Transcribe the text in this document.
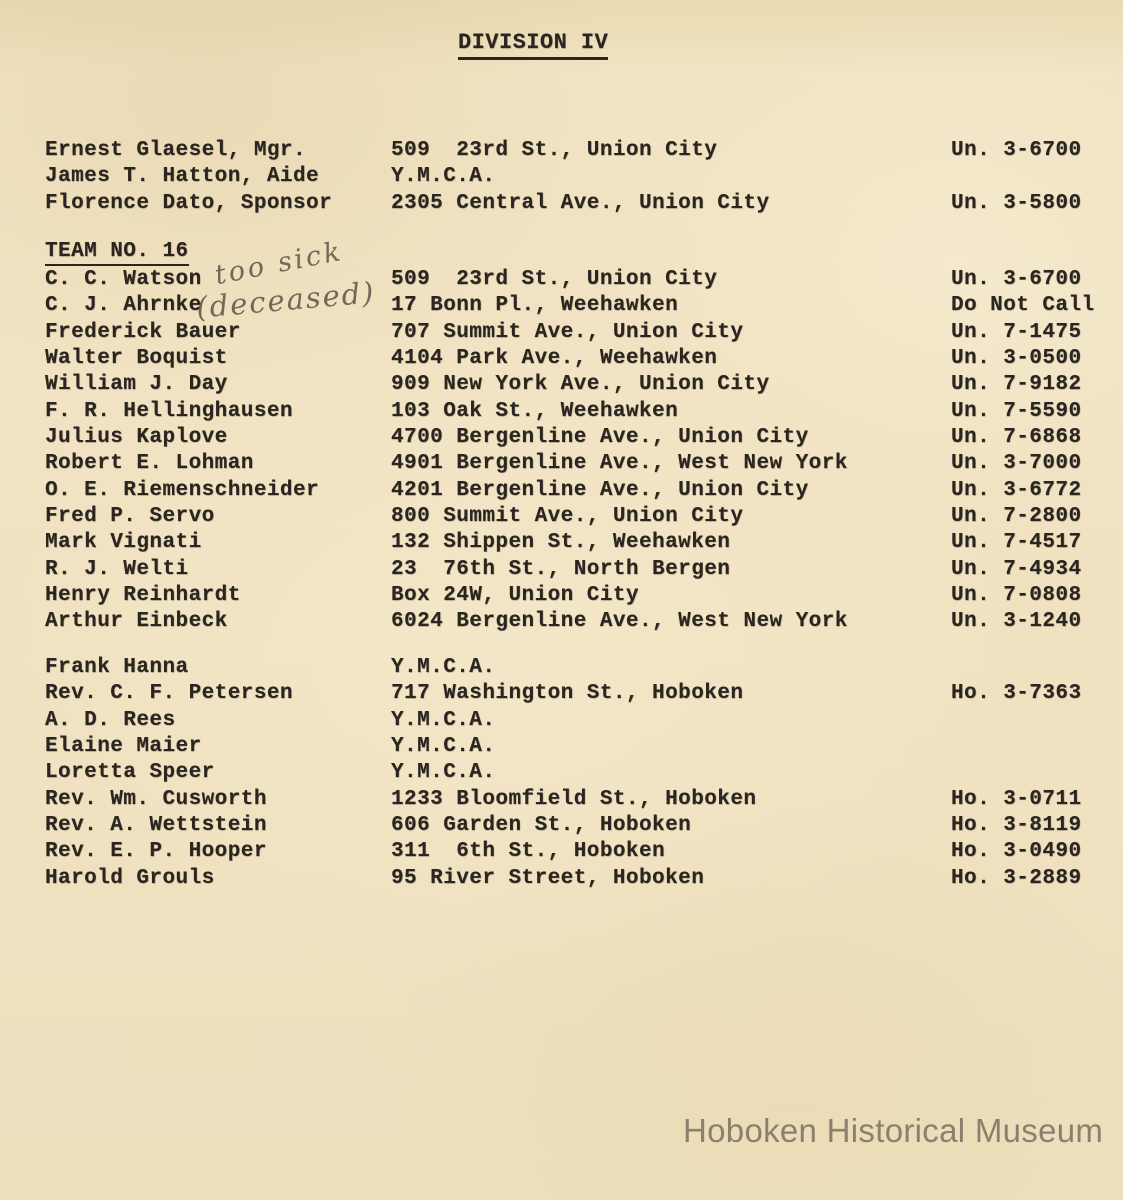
DIVISION IV
Ernest Glaesel, Mgr.	509  23rd St., Union City	Un. 3-6700
James T. Hatton, Aide	Y.M.C.A.
Florence Dato, Sponsor	2305 Central Ave., Union City	Un. 3-5800
TEAM NO. 16
C. C. Watson	509  23rd St., Union City	Un. 3-6700
C. J. Ahrnke	17 Bonn Pl., Weehawken	Do Not Call
Frederick Bauer	707 Summit Ave., Union City	Un. 7-1475
Walter Boquist	4104 Park Ave., Weehawken	Un. 3-0500
William J. Day	909 New York Ave., Union City	Un. 7-9182
F. R. Hellinghausen	103 Oak St., Weehawken	Un. 7-5590
Julius Kaplove	4700 Bergenline Ave., Union City	Un. 7-6868
Robert E. Lohman	4901 Bergenline Ave., West New York	Un. 3-7000
O. E. Riemenschneider	4201 Bergenline Ave., Union City	Un. 3-6772
Fred P. Servo	800 Summit Ave., Union City	Un. 7-2800
Mark Vignati	132 Shippen St., Weehawken	Un. 7-4517
R. J. Welti	23  76th St., North Bergen	Un. 7-4934
Henry Reinhardt	Box 24W, Union City	Un. 7-0808
Arthur Einbeck	6024 Bergenline Ave., West New York	Un. 3-1240
Frank Hanna	Y.M.C.A.
Rev. C. F. Petersen	717 Washington St., Hoboken	Ho. 3-7363
A. D. Rees	Y.M.C.A.
Elaine Maier	Y.M.C.A.
Loretta Speer	Y.M.C.A.
Rev. Wm. Cusworth	1233 Bloomfield St., Hoboken	Ho. 3-0711
Rev. A. Wettstein	606 Garden St., Hoboken	Ho. 3-8119
Rev. E. P. Hooper	311  6th St., Hoboken	Ho. 3-0490
Harold Grouls	95 River Street, Hoboken	Ho. 3-2889
too sick
(deceased)
Hoboken Historical Museum
